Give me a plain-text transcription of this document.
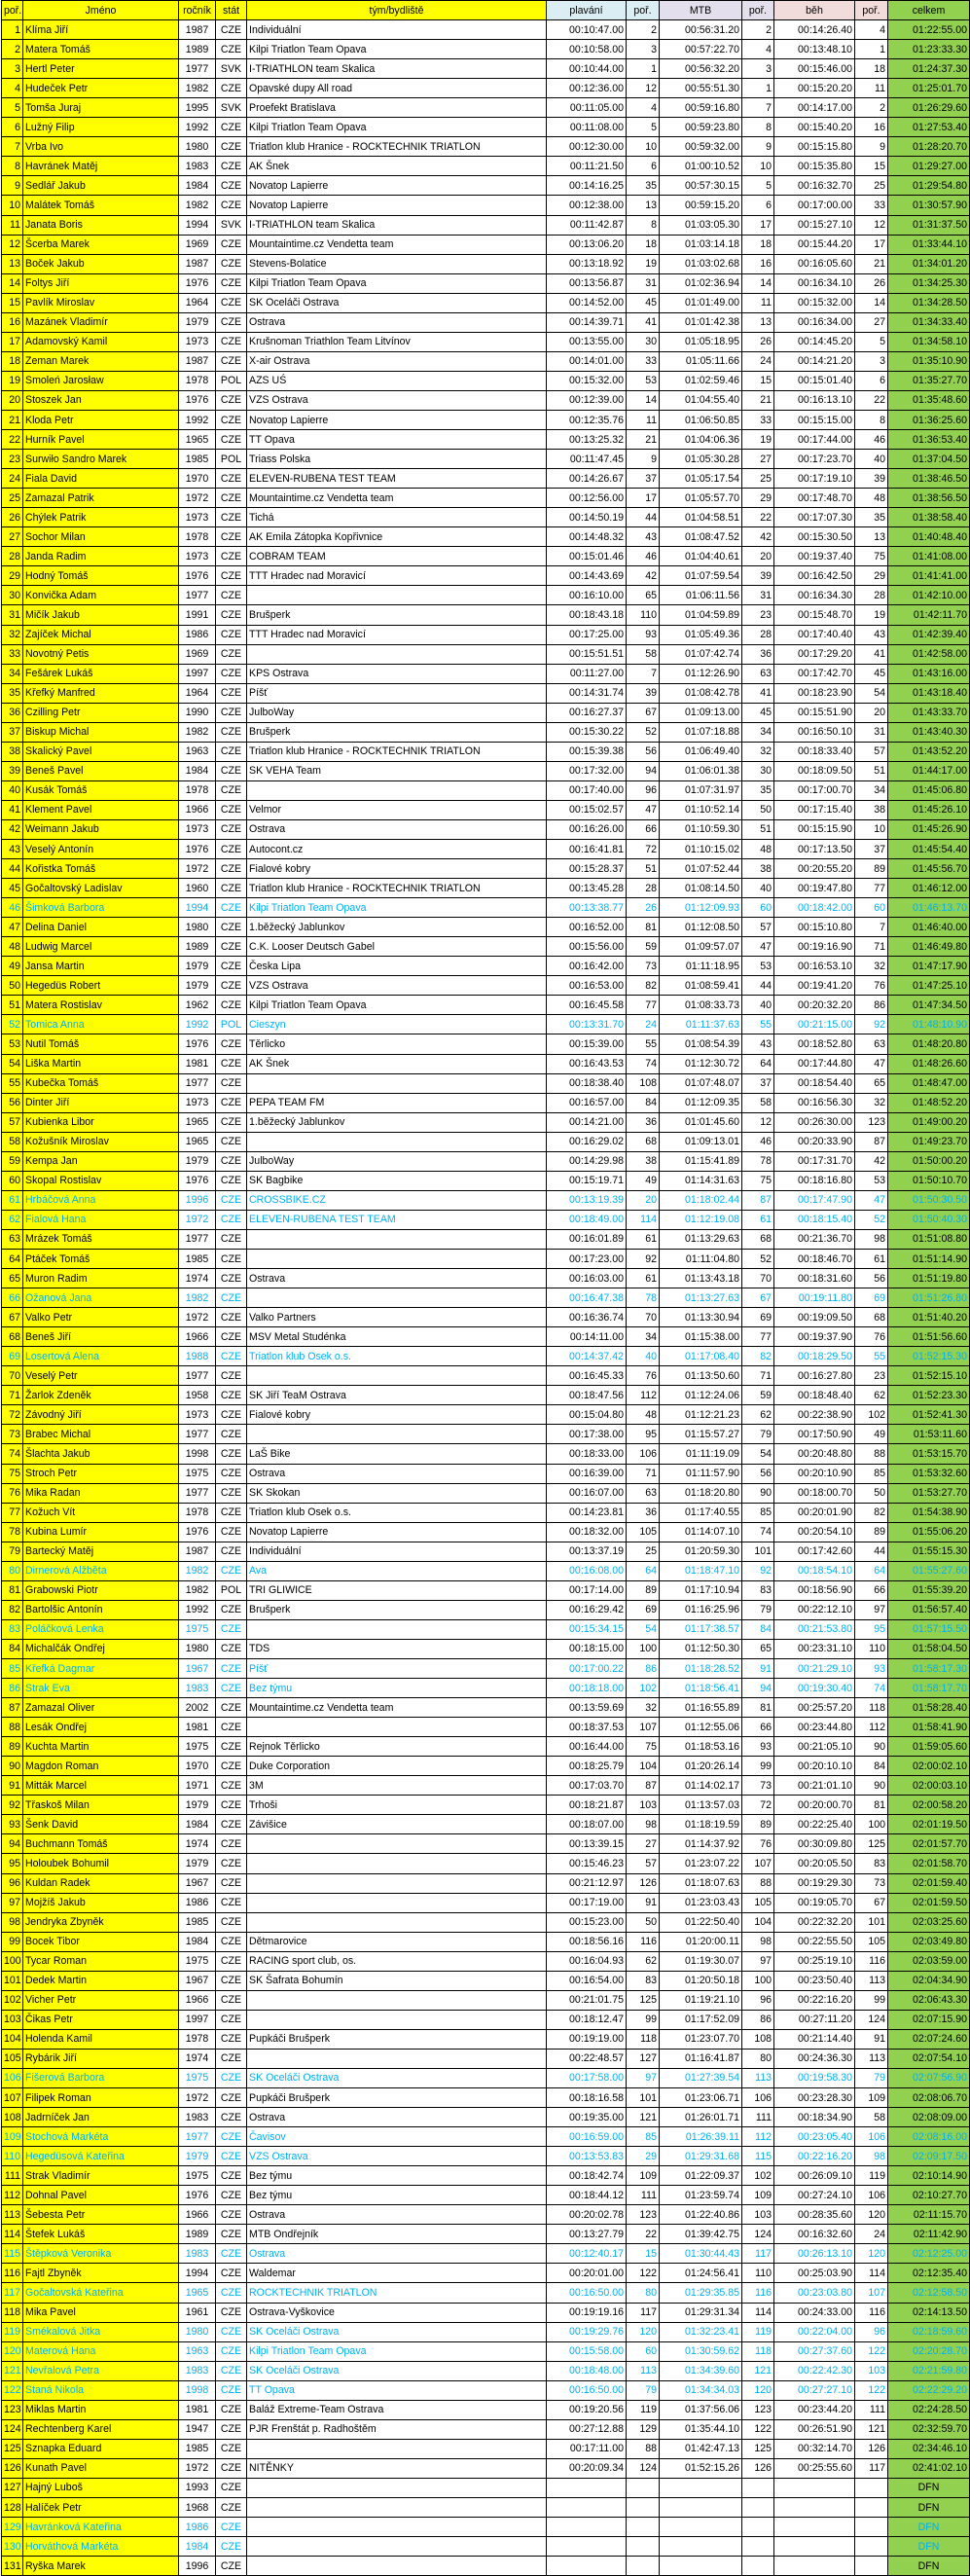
poř.	Jméno	ročník	stát	tým/bydliště	plavání	poř.	MTB	poř.	běh	poř.	celkem
1	Klíma Jiří	1987	CZE	Individuální	00:10:47.00	2	00:56:31.20	2	00:14:26.40	4	01:22:55.00
2	Matera Tomáš	1989	CZE	Kilpi Triatlon Team Opava	00:10:58.00	3	00:57:22.70	4	00:13:48.10	1	01:23:33.30
3	Hertl Peter	1977	SVK	I-TRIATHLON team Skalica	00:10:44.00	1	00:56:32.20	3	00:15:46.00	18	01:24:37.30
4	Hudeček Petr	1982	CZE	Opavské dupy All road	00:12:36.00	12	00:55:51.30	1	00:15:20.20	11	01:25:01.70
5	Tomša Juraj	1995	SVK	Proefekt Bratislava	00:11:05.00	4	00:59:16.80	7	00:14:17.00	2	01:26:29.60
6	Lužný Filip	1992	CZE	Kilpi Triatlon Team Opava	00:11:08.00	5	00:59:23.80	8	00:15:40.20	16	01:27:53.40
7	Vrba Ivo	1980	CZE	Triatlon klub Hranice - ROCKTECHNIK TRIATLON	00:12:30.00	10	00:59:32.00	9	00:15:15.80	9	01:28:20.70
8	Havránek Matěj	1983	CZE	AK Šnek	00:11:21.50	6	01:00:10.52	10	00:15:35.80	15	01:29:27.00
9	Sedlář Jakub	1984	CZE	Novatop Lapierre	00:14:16.25	35	00:57:30.15	5	00:16:32.70	25	01:29:54.80
10	Malátek Tomáš	1982	CZE	Novatop Lapierre	00:12:38.00	13	00:59:15.20	6	00:17:00.00	33	01:30:57.90
11	Janata Boris	1994	SVK	I-TRIATHLON team Skalica	00:11:42.87	8	01:03:05.30	17	00:15:27.10	12	01:31:37.50
12	Šcerba Marek	1969	CZE	Mountaintime.cz Vendetta team	00:13:06.20	18	01:03:14.18	18	00:15:44.20	17	01:33:44.10
13	Boček Jakub	1987	CZE	Stevens-Bolatice	00:13:18.92	19	01:03:02.68	16	00:16:05.60	21	01:34:01.20
14	Foltys Jiří	1976	CZE	Kilpi Triatlon Team Opava	00:13:56.87	31	01:02:36.94	14	00:16:34.10	26	01:34:25.30
15	Pavlík Miroslav	1964	CZE	SK Oceláči Ostrava	00:14:52.00	45	01:01:49.00	11	00:15:32.00	14	01:34:28.50
16	Mazánek Vladimír	1979	CZE	Ostrava	00:14:39.71	41	01:01:42.38	13	00:16:34.00	27	01:34:33.40
17	Adamovský Kamil	1973	CZE	Krušnoman Triathlon Team Litvínov	00:13:55.00	30	01:05:18.95	26	00:14:45.20	5	01:34:58.10
18	Zeman Marek	1987	CZE	X-air Ostrava	00:14:01.00	33	01:05:11.66	24	00:14:21.20	3	01:35:10.90
19	Smoleń Jarosław	1978	POL	AZS UŚ	00:15:32.00	53	01:02:59.46	15	00:15:01.40	6	01:35:27.70
20	Stoszek Jan	1976	CZE	VZS Ostrava	00:12:39.00	14	01:04:55.40	21	00:16:13.10	22	01:35:48.60
21	Kloda Petr	1992	CZE	Novatop Lapierre	00:12:35.76	11	01:06:50.85	33	00:15:15.00	8	01:36:25.60
22	Hurník Pavel	1965	CZE	TT Opava	00:13:25.32	21	01:04:06.36	19	00:17:44.00	46	01:36:53.40
23	Surwiło Sandro Marek	1985	POL	Triass Polska	00:11:47.45	9	01:05:30.28	27	00:17:23.70	40	01:37:04.50
24	Fiala David	1970	CZE	ELEVEN-RUBENA TEST TEAM	00:14:26.67	37	01:05:17.54	25	00:17:19.10	39	01:38:46.50
25	Zamazal Patrik	1972	CZE	Mountaintime.cz Vendetta team	00:12:56.00	17	01:05:57.70	29	00:17:48.70	48	01:38:56.50
26	Chýlek Patrik	1973	CZE	Tichá	00:14:50.19	44	01:04:58.51	22	00:17:07.30	35	01:38:58.40
27	Sochor Milan	1978	CZE	AK Emila Zátopka Kopřivnice	00:14:48.32	43	01:08:47.52	42	00:15:30.50	13	01:40:48.40
28	Janda Radim	1973	CZE	COBRAM TEAM	00:15:01.46	46	01:04:40.61	20	00:19:37.40	75	01:41:08.00
29	Hodný Tomáš	1976	CZE	TTT Hradec nad Moravicí	00:14:43.69	42	01:07:59.54	39	00:16:42.50	29	01:41:41.00
30	Konvička Adam	1977	CZE		00:16:10.00	65	01:06:11.56	31	00:16:34.30	28	01:42:10.00
31	Mičík Jakub	1991	CZE	Brušperk	00:18:43.18	110	01:04:59.89	23	00:15:48.70	19	01:42:11.70
32	Zajíček Michal	1986	CZE	TTT Hradec nad Moravicí	00:17:25.00	93	01:05:49.36	28	00:17:40.40	43	01:42:39.40
33	Novotný Petis	1969	CZE		00:15:51.51	58	01:07:42.74	36	00:17:29.20	41	01:42:58.00
34	Fešárek Lukáš	1997	CZE	KPS Ostrava	00:11:27.00	7	01:12:26.90	63	00:17:42.70	45	01:43:16.00
35	Křefký Manfred	1964	CZE	Píšť	00:14:31.74	39	01:08:42.78	41	00:18:23.90	54	01:43:18.40
36	Czilling Petr	1990	CZE	JulboWay	00:16:27.37	67	01:09:13.00	45	00:15:51.90	20	01:43:33.70
37	Biskup Michal	1982	CZE	Brušperk	00:15:30.22	52	01:07:18.88	34	00:16:50.10	31	01:43:40.30
38	Skalický Pavel	1963	CZE	Triatlon klub Hranice - ROCKTECHNIK TRIATLON	00:15:39.38	56	01:06:49.40	32	00:18:33.40	57	01:43:52.20
39	Beneš Pavel	1984	CZE	SK VEHA Team	00:17:32.00	94	01:06:01.38	30	00:18:09.50	51	01:44:17.00
40	Kusák Tomáš	1978	CZE		00:17:40.00	96	01:07:31.97	35	00:17:00.70	34	01:45:06.80
41	Klement Pavel	1966	CZE	Velmor	00:15:02.57	47	01:10:52.14	50	00:17:15.40	38	01:45:26.10
42	Weimann Jakub	1973	CZE	Ostrava	00:16:26.00	66	01:10:59.30	51	00:15:15.90	10	01:45:26.90
43	Veselý Antonín	1976	CZE	Autocont.cz	00:16:41.81	72	01:10:15.02	48	00:17:13.50	37	01:45:54.40
44	Kořistka Tomáš	1972	CZE	Fialové kobry	00:15:28.37	51	01:07:52.44	38	00:20:55.20	89	01:45:56.70
45	Gočaltovský Ladislav	1960	CZE	Triatlon klub Hranice - ROCKTECHNIK TRIATLON	00:13:45.28	28	01:08:14.50	40	00:19:47.80	77	01:46:12.00
46	Šimková Barbora	1994	CZE	Kilpi Triatlon Team Opava	00:13:38.77	26	01:12:09.93	60	00:18:42.00	60	01:46:13.70
47	Delina Daniel	1980	CZE	1.běžecký Jablunkov	00:16:52.00	81	01:12:08.50	57	00:15:10.80	7	01:46:40.00
48	Ludwig Marcel	1989	CZE	C.K. Looser Deutsch Gabel	00:15:56.00	59	01:09:57.07	47	00:19:16.90	71	01:46:49.80
49	Jansa Martin	1979	CZE	Česka Lipa	00:16:42.00	73	01:11:18.95	53	00:16:53.10	32	01:47:17.90
50	Hegedüs Robert	1979	CZE	VZS Ostrava	00:16:53.00	82	01:08:59.41	44	00:19:41.20	76	01:47:25.10
51	Matera Rostislav	1962	CZE	Kilpi Triatlon Team Opava	00:16:45.58	77	01:08:33.73	40	00:20:32.20	86	01:47:34.50
52	Tomica Anna	1992	POL	Cieszyn	00:13:31.70	24	01:11:37.63	55	00:21:15.00	92	01:48:10.90
53	Nutil Tomáš	1976	CZE	Těrlicko	00:15:39.00	55	01:08:54.39	43	00:18:52.80	63	01:48:20.80
54	Liška Martin	1981	CZE	AK Šnek	00:16:43.53	74	01:12:30.72	64	00:17:44.80	47	01:48:26.60
55	Kubečka Tomáš	1977	CZE		00:18:38.40	108	01:07:48.07	37	00:18:54.40	65	01:48:47.00
56	Dinter Jiří	1973	CZE	PEPA TEAM FM	00:16:57.00	84	01:12:09.35	58	00:16:56.30	32	01:48:52.20
57	Kubienka Libor	1965	CZE	1.běžecký Jablunkov	00:14:21.00	36	01:01:45.60	12	00:26:30.00	123	01:49:00.20
58	Kožušník Miroslav	1965	CZE		00:16:29.02	68	01:09:13.01	46	00:20:33.90	87	01:49:23.70
59	Kempa Jan	1979	CZE	JulboWay	00:14:29.98	38	01:15:41.89	78	00:17:31.70	42	01:50:00.20
60	Skopal Rostislav	1976	CZE	SK Bagbike	00:15:19.71	49	01:14:31.63	75	00:18:16.80	53	01:50:10.70
61	Hrbáčová Anna	1996	CZE	CROSSBIKE.CZ	00:13:19.39	20	01:18:02.44	87	00:17:47.90	47	01:50:30.50
62	Fialová Hana	1972	CZE	ELEVEN-RUBENA TEST TEAM	00:18:49.00	114	01:12:19.08	61	00:18:15.40	52	01:50:40.30
63	Mrázek Tomáš	1977	CZE		00:16:01.89	61	01:13:29.63	68	00:21:36.70	98	01:51:08.80
64	Ptáček Tomáš	1985	CZE		00:17:23.00	92	01:11:04.80	52	00:18:46.70	61	01:51:14.90
65	Muron Radim	1974	CZE	Ostrava	00:16:03.00	61	01:13:43.18	70	00:18:31.60	56	01:51:19.80
66	Ožanová Jana	1982	CZE		00:16:47.38	78	01:13:27.63	67	00:19:11.80	69	01:51:26.80
67	Valko Petr	1972	CZE	Valko Partners	00:16:36.74	70	01:13:30.94	69	00:19:09.50	68	01:51:40.20
68	Beneš Jiří	1966	CZE	MSV Metal Studénka	00:14:11.00	34	01:15:38.00	77	00:19:37.90	76	01:51:56.60
69	Losertová Alena	1988	CZE	Triatlon klub Osek o.s.	00:14:37.42	40	01:17:08.40	82	00:18:29.50	55	01:52:15.30
70	Veselý Petr	1977	CZE		00:16:45.33	76	01:13:50.60	71	00:16:27.80	23	01:52:15.10
71	Žarlok Zdeněk	1958	CZE	SK Jiří TeaM Ostrava	00:18:47.56	112	01:12:24.06	59	00:18:48.40	62	01:52:23.30
72	Závodný Jiří	1973	CZE	Fialové kobry	00:15:04.80	48	01:12:21.23	62	00:22:38.90	102	01:52:41.30
73	Brabec Michal	1977	CZE		00:17:38.00	95	01:15:57.27	79	00:17:50.90	49	01:53:11.60
74	Šlachta Jakub	1998	CZE	LaŠ Bike	00:18:33.00	106	01:11:19.09	54	00:20:48.80	88	01:53:15.70
75	Stroch Petr	1975	CZE	Ostrava	00:16:39.00	71	01:11:57.90	56	00:20:10.90	85	01:53:32.60
76	Mika Radan	1977	CZE	SK Skokan	00:16:07.00	63	01:18:20.80	90	00:18:00.70	50	01:53:27.70
77	Kožuch Vít	1978	CZE	Triatlon klub Osek o.s.	00:14:23.81	36	01:17:40.55	85	00:20:01.90	82	01:54:38.90
78	Kubina Lumír	1976	CZE	Novatop Lapierre	00:18:32.00	105	01:14:07.10	74	00:20:54.10	89	01:55:06.20
79	Bartecký Matěj	1987	CZE	Individuální	00:13:37.19	25	01:20:59.30	101	00:17:42.60	44	01:55:15.30
80	Dirnerová Alžběta	1982	CZE	Ava	00:16:08.00	64	01:18:47.10	92	00:18:54.10	64	01:55:27.60
81	Grabowski Piotr	1982	POL	TRI GLIWICE	00:17:14.00	89	01:17:10.94	83	00:18:56.90	66	01:55:39.20
82	Bartolšic Antonín	1992	CZE	Brušperk	00:16:29.42	69	01:16:25.96	79	00:22:12.10	97	01:56:57.40
83	Poláčková Lenka	1975	CZE		00:15:34.15	54	01:17:38.57	84	00:21:53.80	95	01:57:15.50
84	Michalčák Ondřej	1980	CZE	TDS	00:18:15.00	100	01:12:50.30	65	00:23:31.10	110	01:58:04.50
85	Křefká Dagmar	1967	CZE	Píšť	00:17:00.22	86	01:18:28.52	91	00:21:29.10	93	01:58:17.30
86	Strak Eva	1983	CZE	Bez týmu	00:18:18.00	102	01:18:56.41	94	00:19:30.40	74	01:58:17.70
87	Zamazal Oliver	2002	CZE	Mountaintime.cz Vendetta team	00:13:59.69	32	01:16:55.89	81	00:25:57.20	118	01:58:28.40
88	Lesák Ondřej	1981	CZE		00:18:37.53	107	01:12:55.06	66	00:23:44.80	112	01:58:41.90
89	Kuchta Martin	1975	CZE	Rejnok Těrlicko	00:16:44.00	75	01:18:53.16	93	00:21:05.10	90	01:59:05.60
90	Magdon Roman	1970	CZE	Duke Corporation	00:18:25.79	104	01:20:26.14	99	00:20:10.10	84	02:00:02.10
91	Mitták Marcel	1971	CZE	3M	00:17:03.70	87	01:14:02.17	73	00:21:01.10	90	02:00:03.10
92	Třaskoš Milan	1979	CZE	Trhoši	00:18:21.87	103	01:13:57.03	72	00:20:00.70	81	02:00:58.20
93	Šenk David	1984	CZE	Závišice	00:18:07.00	98	01:18:19.59	89	00:22:25.40	100	02:01:19.50
94	Buchmann Tomáš	1974	CZE		00:13:39.15	27	01:14:37.92	76	00:30:09.80	125	02:01:57.70
95	Holoubek Bohumil	1979	CZE		00:15:46.23	57	01:23:07.22	107	00:20:05.50	83	02:01:58.70
96	Kuldan Radek	1967	CZE		00:21:12.97	126	01:18:07.63	88	00:19:29.30	73	02:01:59.40
97	Mojžíš Jakub	1986	CZE		00:17:19.00	91	01:23:03.43	105	00:19:05.70	67	02:01:59.50
98	Jendryka Zbyněk	1985	CZE		00:15:23.00	50	01:22:50.40	104	00:22:32.20	101	02:03:25.60
99	Bocek Tibor	1984	CZE	Dětmarovice	00:18:56.16	116	01:20:00.11	98	00:22:55.50	105	02:03:49.80
100	Tycar Roman	1975	CZE	RACING sport club, os.	00:16:04.93	62	01:19:30.07	97	00:25:19.10	116	02:03:59.00
101	Dedek Martin	1967	CZE	SK Šafrata Bohumín	00:16:54.00	83	01:20:50.18	100	00:23:50.40	113	02:04:34.90
102	Vicher Petr	1966	CZE		00:21:01.75	125	01:19:21.10	96	00:22:16.20	99	02:06:43.30
103	Čikas Petr	1997	CZE		00:18:12.47	99	01:17:52.09	86	00:27:11.20	124	02:07:15.90
104	Holenda Kamil	1978	CZE	Pupkáči Brušperk	00:19:19.00	118	01:23:07.70	108	00:21:14.40	91	02:07:24.60
105	Rybárik Jiří	1974	CZE		00:22:48.57	127	01:16:41.87	80	00:24:36.30	113	02:07:54.10
106	Fišerová Barbora	1975	CZE	SK Oceláči Ostrava	00:17:58.00	97	01:27:39.54	113	00:19:58.30	79	02:07:56.90
107	Filipek Roman	1972	CZE	Pupkáči Brušperk	00:18:16.58	101	01:23:06.71	106	00:23:28.30	109	02:08:06.70
108	Jadrníček Jan	1983	CZE	Ostrava	00:19:35.00	121	01:26:01.71	111	00:18:34.90	58	02:08:09.00
109	Stochová Markéta	1977	CZE	Čavisov	00:16:59.00	85	01:26:39.11	112	00:23:05.40	106	02:08:16.00
110	Hegedüsová Kateřina	1979	CZE	VZS Ostrava	00:13:53.83	29	01:29:31.68	115	00:22:16.20	98	02:09:17.50
111	Strak Vladimír	1975	CZE	Bez týmu	00:18:42.74	109	01:22:09.37	102	00:26:09.10	119	02:10:14.90
112	Dohnal Pavel	1976	CZE	Bez týmu	00:18:44.12	111	01:23:59.74	109	00:27:24.10	106	02:10:27.70
113	Šebesta Petr	1966	CZE	Ostrava	00:20:02.78	123	01:22:40.86	103	00:28:35.60	120	02:11:15.70
114	Štefek Lukáš	1989	CZE	MTB Ondřejník	00:13:27.79	22	01:39:42.75	124	00:16:32.60	24	02:11:42.90
115	Štěpková Veronika	1983	CZE	Ostrava	00:12:40.17	15	01:30:44.43	117	00:26:13.10	120	02:12:25.00
116	Fajtl Zbyněk	1994	CZE	Waldemar	00:20:01.00	122	01:24:56.41	110	00:25:03.90	114	02:12:35.40
117	Gočaltovská Kateřina	1965	CZE	ROCKTECHNIK TRIATLON	00:16:50.00	80	01:29:35.85	116	00:23:03.80	107	02:12:58.50
118	Mika Pavel	1961	CZE	Ostrava-Vyškovice	00:19:19.16	117	01:29:31.34	114	00:24:33.00	116	02:14:13.50
119	Smékalová Jitka	1980	CZE	SK Oceláči Ostrava	00:19:29.76	120	01:32:23.41	119	00:22:04.00	96	02:18:59.60
120	Materová Hana	1963	CZE	Kilpi Triatlon Team Opava	00:15:58.00	60	01:30:59.62	118	00:27:37.60	122	02:20:28.70
121	Nevřalová Petra	1983	CZE	SK Oceláči Ostrava	00:18:48.00	113	01:34:39.60	121	00:22:42.30	103	02:21:59.80
122	Staná Nikola	1998	CZE	TT Opava	00:16:50.00	79	01:34:34.03	120	00:27:27.10	122	02:22:29.20
123	Miklas Martin	1981	CZE	Baláž Extreme-Team Ostrava	00:19:20.56	119	01:37:56.06	123	00:23:44.20	111	02:24:28.50
124	Rechtenberg Karel	1947	CZE	PJR Frenštát p. Radhoštěm	00:27:12.88	129	01:35:44.10	122	00:26:51.90	121	02:32:59.70
125	Sznapka Eduard	1985	CZE		00:17:11.00	88	01:42:47.13	125	00:32:14.70	126	02:34:46.10
126	Kunath Pavel	1972	CZE	NITĚNKY	00:20:09.34	124	01:52:15.26	126	00:25:55.60	117	02:41:02.10
127	Hajný Luboš	1993	CZE								DFN
128	Halíček Petr	1968	CZE								DFN
129	Havránková Kateřina	1986	CZE								DFN
130	Horváthová Markéta	1984	CZE								DFN
131	Ryška Marek	1996	CZE								DFN
